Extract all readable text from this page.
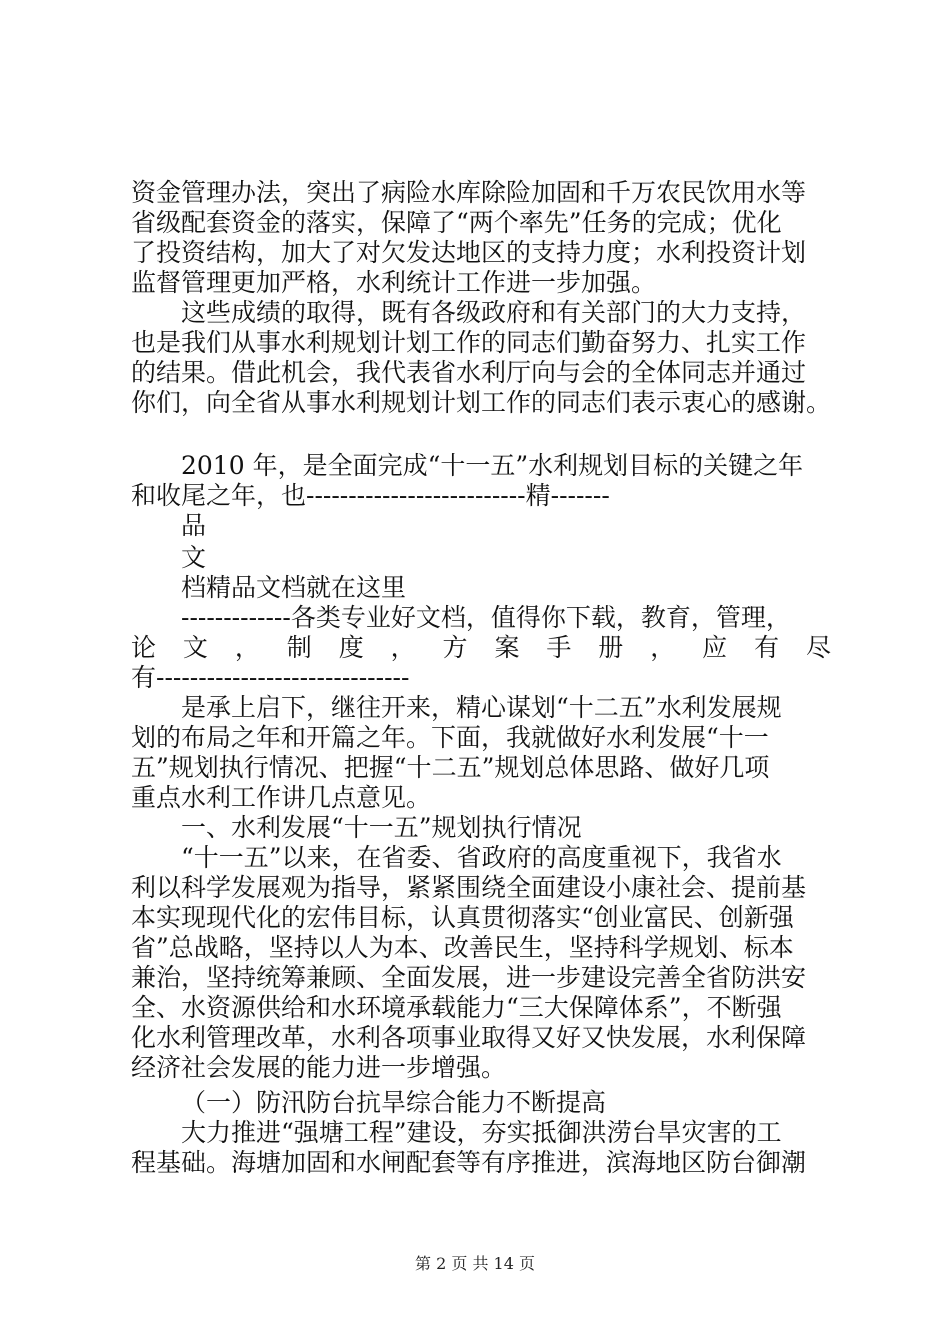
资金管理办法，突出了病险水库除险加固和千万农民饮用水等
省级配套资金的落实，保障了“两个率先”任务的完成；优化
了投资结构，加大了对欠发达地区的支持力度；水利投资计划
监督管理更加严格，水利统计工作进一步加强。
这些成绩的取得，既有各级政府和有关部门的大力支持，
也是我们从事水利规划计划工作的同志们勤奋努力、扎实工作
的结果。借此机会，我代表省水利厅向与会的全体同志并通过
你们，向全省从事水利规划计划工作的同志们表示衷心的感谢。
2010 年，是全面完成“十一五”水利规划目标的关键之年
和收尾之年，也--------------------------精-------
品
文
档精品文档就在这里
-------------各类专业好文档，值得你下载，教育，管理，
论 文 ， 制 度 ， 方 案 手 册 ， 应 有 尽
有------------------------------
是承上启下，继往开来，精心谋划“十二五”水利发展规
划的布局之年和开篇之年。下面，我就做好水利发展“十一
五”规划执行情况、把握“十二五”规划总体思路、做好几项
重点水利工作讲几点意见。
一、水利发展“十一五”规划执行情况
“十一五”以来，在省委、省政府的高度重视下，我省水
利以科学发展观为指导，紧紧围绕全面建设小康社会、提前基
本实现现代化的宏伟目标，认真贯彻落实“创业富民、创新强
省”总战略，坚持以人为本、改善民生，坚持科学规划、标本
兼治，坚持统筹兼顾、全面发展，进一步建设完善全省防洪安
全、水资源供给和水环境承载能力“三大保障体系”，不断强
化水利管理改革，水利各项事业取得又好又快发展，水利保障
经济社会发展的能力进一步增强。
（一）防汛防台抗旱综合能力不断提高
大力推进“强塘工程”建设，夯实抵御洪涝台旱灾害的工
程基础。海塘加固和水闸配套等有序推进，滨海地区防台御潮
第 2 页 共 14 页
